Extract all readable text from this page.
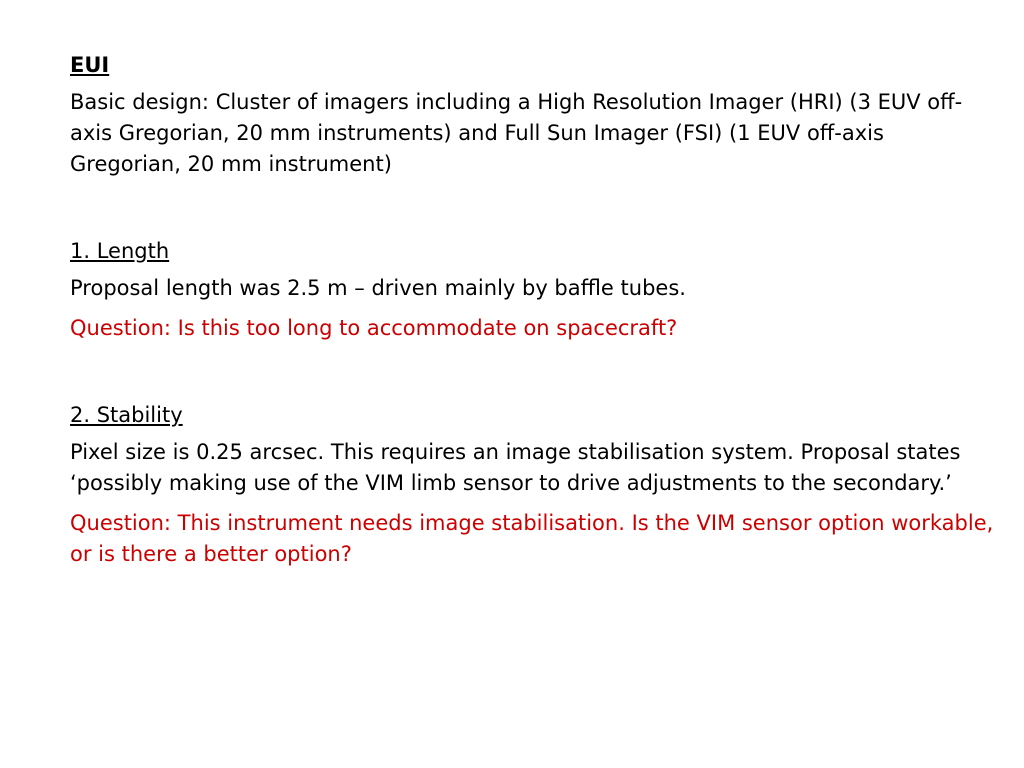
EUI
Basic design: Cluster of imagers including a High Resolution Imager (HRI) (3 EUV off-axis Gregorian, 20 mm instruments) and Full Sun Imager (FSI) (1 EUV off-axis Gregorian, 20 mm instrument)
1. Length
Proposal length was 2.5 m – driven mainly by baffle tubes.
Question: Is this too long to accommodate on spacecraft?
2. Stability
Pixel size is 0.25 arcsec. This requires an image stabilisation system. Proposal states ‘possibly making use of the VIM limb sensor to drive adjustments to the secondary.’
Question: This instrument needs image stabilisation. Is the VIM sensor option workable, or is there a better option?
